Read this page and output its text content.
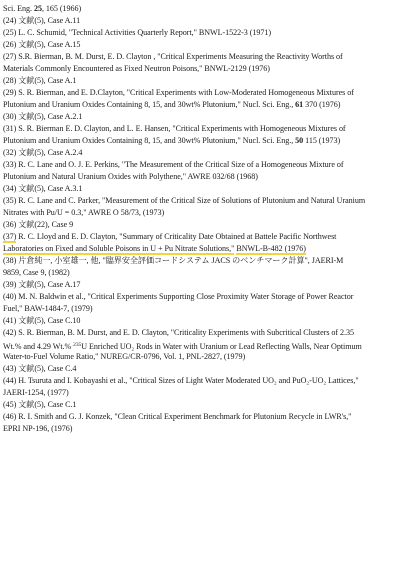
Sci. Eng. 25, 165 (1966)
(24) 文献(5), Case A.11
(25) L. C. Schumid, "Technical Activities Quarterly Report," BNWL-1522-3 (1971)
(26) 文献(5), Case A.15
(27) S.R. Bierman, B. M. Durst, E. D. Clayton , "Critical Experiments Measuring the Reactivity Worths of
Materials Commonly Encountered as Fixed Neutron Poisons," BNWL-2129 (1976)
(28) 文献(5), Case A.1
(29) S. R. Bierman, and E. D.Clayton, "Critical Experiments with Low-Moderated Homogeneous Mixtures of
Plutonium and Uranium Oxides Containing 8, 15, and 30wt% Plutonium," Nucl. Sci. Eng., 61 370 (1976)
(30) 文献(5), Case A.2.1
(31) S. R. Bierman E. D. Clayton, and L. E. Hansen, "Critical Experiments with Homogeneous Mixtures of
Plutonium and Uranium Oxides Containing 8, 15, and 30wt% Plutonium," Nucl. Sci. Eng., 50 115 (1973)
(32) 文献(5), Case A.2.4
(33) R. C. Lane and O. J. E. Perkins, "The Measurement of the Critical Size of a Homogeneous Mixture of
Plutonium and Natural Uranium Oxides with Polythene," AWRE 032/68 (1968)
(34) 文献(5), Case A.3.1
(35) R. C. Lane and C. Parker, "Measurement of the Critical Size of Solutions of Plutonium and Natural Uranium
Nitrates with Pu/U = 0.3," AWRE O 58/73, (1973)
(36) 文献(22), Case 9
(37) R. C. Lloyd and E. D. Clayton, "Summary of Criticality Date Obtained at Battele Pacific Northwest
Laboratories on Fixed and Soluble Poisons in U + Pu Nitrate Solutions," BNWL-B-482 (1976)
(38) 片倉純一, 小室雄一, 他, "臨界安全評価コードシステム JACS のベンチマーク計算", JAERI-M
9859, Case 9, (1982)
(39) 文献(5), Case A.17
(40) M. N. Baldwin et al., "Critical Experiments Supporting Close Proximity Water Storage of Power Reactor
Fuel," BAW-1484-7, (1979)
(41) 文献(5), Case C.10
(42) S. R. Bierman, B. M. Durst, and E. D. Clayton, "Criticality Experiments with Subcritical Clusters of 2.35
Wt.% and 4.29 Wt.% $^{235}$U Enriched UO₂ Rods in Water with Uranium or Lead Reflecting Walls, Near Optimum
Water-to-Fuel Volume Ratio," NUREG/CR-0796, Vol. 1, PNL-2827, (1979)
(43) 文献(5), Case C.4
(44) H. Tsuruta and I. Kobayashi et al., "Critical Sizes of Light Water Moderated UO₂ and PuO₂-UO₂ Lattices,"
JAERI-1254, (1977)
(45) 文献(5), Case C.1
(46) R. I. Smith and G. J. Konzek, "Clean Critical Experiment Benchmark for Plutonium Recycle in LWR's,"
EPRI NP-196, (1976)
